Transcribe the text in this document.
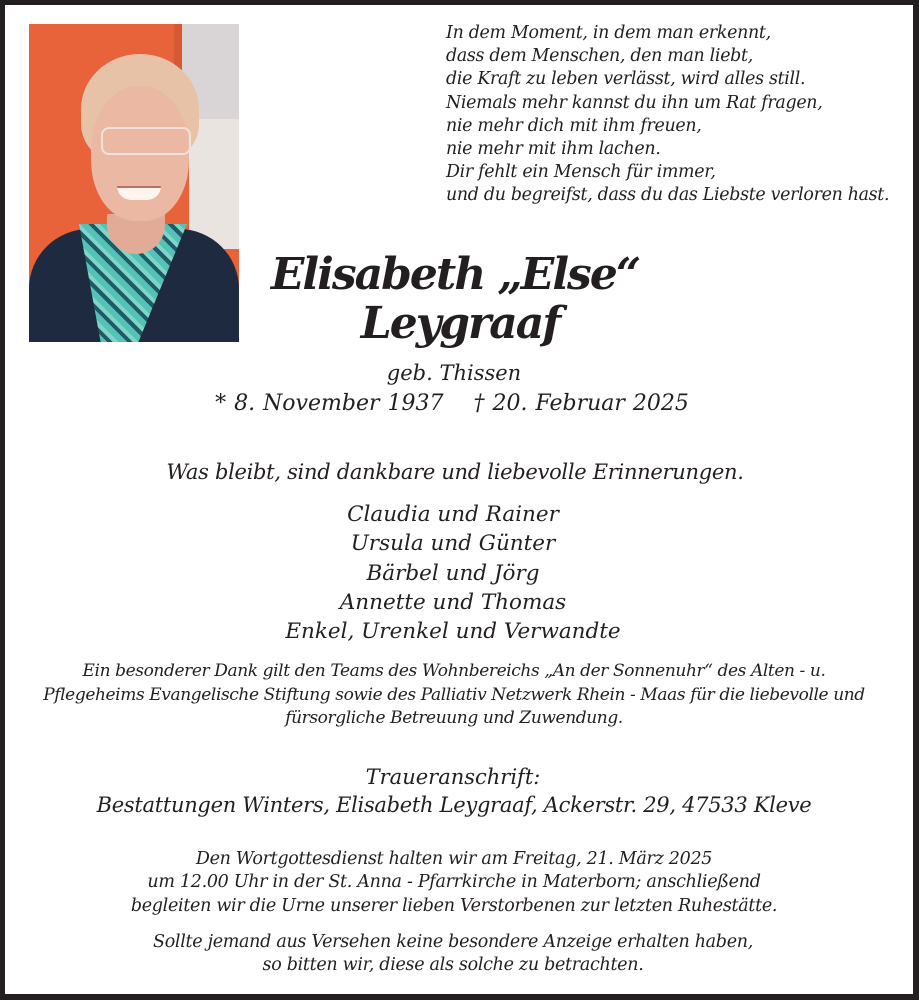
In dem Moment, in dem man erkennt,
dass dem Menschen, den man liebt,
die Kraft zu leben verlässt, wird alles still.
Niemals mehr kannst du ihn um Rat fragen,
nie mehr dich mit ihm freuen,
nie mehr mit ihm lachen.
Dir fehlt ein Mensch für immer,
und du begreifst, dass du das Liebste verloren hast.
Elisabeth „Else“
Leygraaf
geb. Thissen
* 8. November 1937 † 20. Februar 2025
Was bleibt, sind dankbare und liebevolle Erinnerungen.
Claudia und Rainer
Ursula und Günter
Bärbel und Jörg
Annette und Thomas
Enkel, Urenkel und Verwandte
Ein besonderer Dank gilt den Teams des Wohnbereichs „An der Sonnenuhr“ des Alten - u.
Pflegeheims Evangelische Stiftung sowie des Palliativ Netzwerk Rhein - Maas für die liebevolle und
fürsorgliche Betreuung und Zuwendung.
Traueranschrift:
Bestattungen Winters, Elisabeth Leygraaf, Ackerstr. 29, 47533 Kleve
Den Wortgottesdienst halten wir am Freitag, 21. März 2025
um 12.00 Uhr in der St. Anna - Pfarrkirche in Materborn; anschließend
begleiten wir die Urne unserer lieben Verstorbenen zur letzten Ruhestätte.
Sollte jemand aus Versehen keine besondere Anzeige erhalten haben,
so bitten wir, diese als solche zu betrachten.
